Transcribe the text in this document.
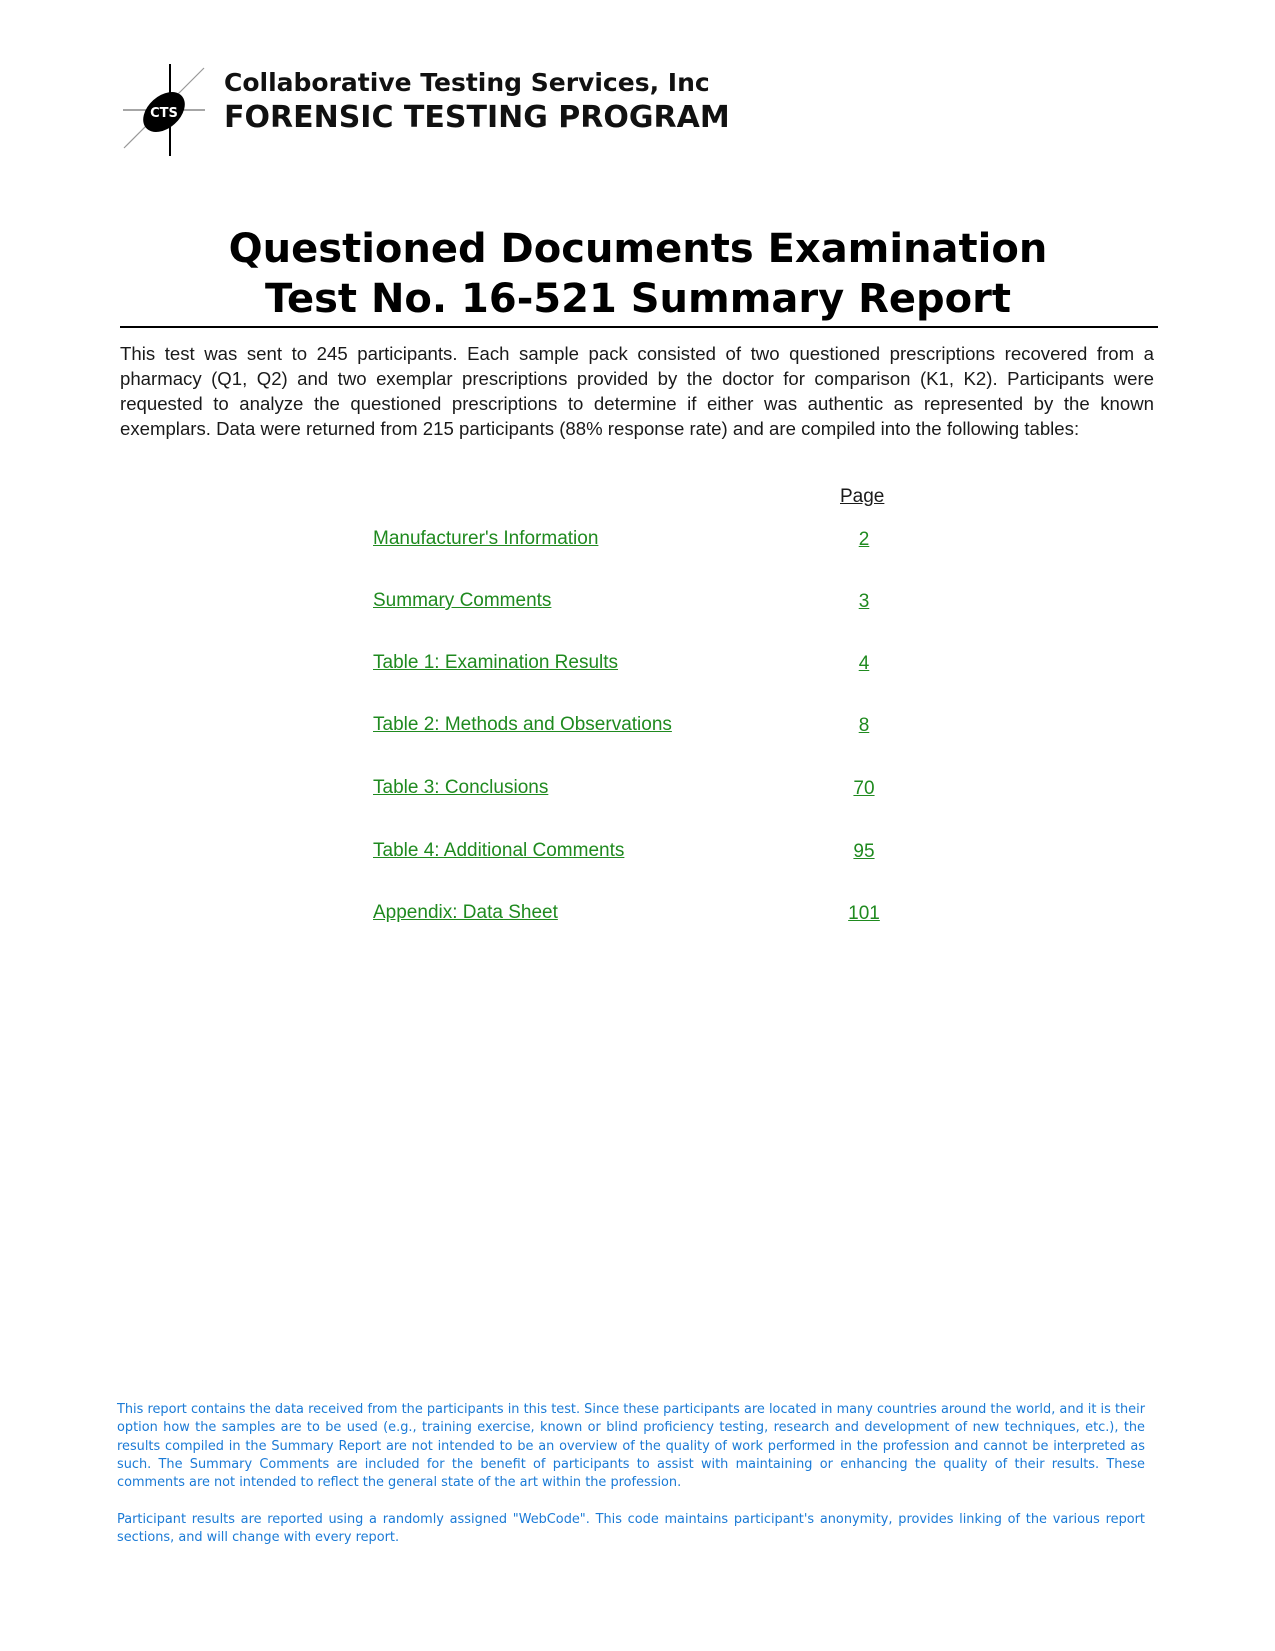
CTS
Collaborative Testing Services, Inc
FORENSIC TESTING PROGRAM
Questioned Documents Examination
Test No. 16-521 Summary Report

This test was sent to 245 participants. Each sample pack consisted of two questioned prescriptions recovered from a pharmacy (Q1, Q2) and two exemplar prescriptions provided by the doctor for comparison (K1, K2). Participants were requested to analyze the questioned prescriptions to determine if either was authentic as represented by the known exemplars. Data were returned from 215 participants (88% response rate) and are compiled into the following tables:

Page
Manufacturer's Information	2
Summary Comments	3
Table 1: Examination Results	4
Table 2: Methods and Observations	8
Table 3: Conclusions	70
Table 4: Additional Comments	95
Appendix: Data Sheet	101

This report contains the data received from the participants in this test. Since these participants are located in many countries around the world, and it is their option how the samples are to be used (e.g., training exercise, known or blind proficiency testing, research and development of new techniques, etc.), the results compiled in the Summary Report are not intended to be an overview of the quality of work performed in the profession and cannot be interpreted as such. The Summary Comments are included for the benefit of participants to assist with maintaining or enhancing the quality of their results. These comments are not intended to reflect the general state of the art within the profession.

Participant results are reported using a randomly assigned "WebCode". This code maintains participant's anonymity, provides linking of the various report sections, and will change with every report.
